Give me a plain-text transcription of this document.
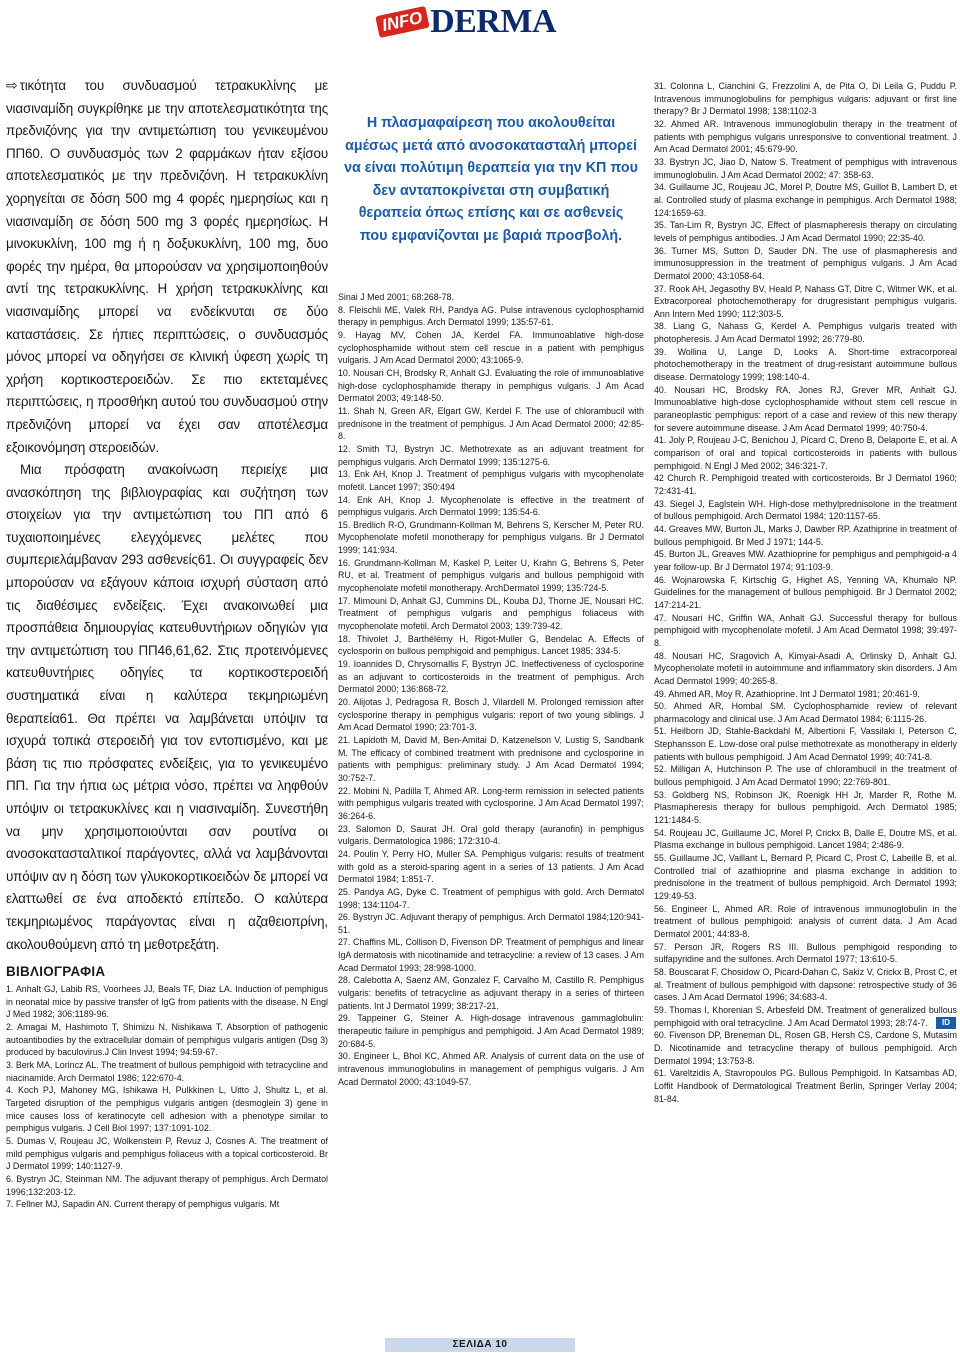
INFO DERMA

⇨ τικότητα του συνδυασμού τετρακυκλίνης με νιασιναμίδη συγκρίθηκε με την αποτελεσματικότητα της πρεδνιζόνης για την αντιμετώπιση του γενικευμένου ΠΠ60. Ο συνδυασμός των 2 φαρμάκων ήταν εξίσου αποτελεσματικός με την πρεδνιζόνη. Η τετρακυκλίνη χορηγείται σε δόση 500 mg 4 φορές ημερησίως και η νιασιναμίδη σε δόση 500 mg 3 φορές ημερησίως. Η μινοκυκλίνη, 100 mg ή η δοξυκυκλίνη, 100 mg, δυο φορές την ημέρα, θα μπορούσαν να χρησιμοποιηθούν αντί της τετρακυκλίνης. Η χρήση τετρακυκλίνης και νιασιναμίδης μπορεί να ενδείκνυται σε δύο καταστάσεις. Σε ήπιες περιπτώσεις, ο συνδυασμός μόνος μπορεί να οδηγήσει σε κλινική ύφεση χωρίς τη χρήση κορτικοστεροειδών. Σε πιο εκτεταμένες περιπτώσεις, η προσθήκη αυτού του συνδυασμού στην πρεδνιζόνη μπορεί να έχει σαν αποτέλεσμα εξοικονόμηση στεροειδών.

Μια πρόσφατη ανακοίνωση περιείχε μια ανασκόπηση της βιβλιογραφίας και συζήτηση των στοιχείων για την αντιμετώπιση του ΠΠ από 6 τυχαιοποιημένες ελεγχόμενες μελέτες που συμπεριελάμβαναν 293 ασθενείς61. Οι συγγραφείς δεν μπορούσαν να εξάγουν κάποια ισχυρή σύσταση από τις διαθέσιμες ενδείξεις. Έχει ανακοινωθεί μια προσπάθεια δημιουργίας κατευθυντήριων οδηγιών για την αντιμετώπιση του ΠΠ46,61,62. Στις προτεινόμενες κατευθυντήριες οδηγίες τα κορτικοστεροειδή συστηματικά είναι η καλύτερα τεκμηριωμένη θεραπεία61. Θα πρέπει να λαμβάνεται υπόψιν τα ισχυρά τοπικά στεροειδή για τον εντοπισμένο, και με βάση τις πιο πρόσφατες ενδείξεις, για το γενικευμένο ΠΠ. Για την ήπια ως μέτρια νόσο, πρέπει να ληφθούν υπόψιν οι τετρακυκλίνες και η νιασιναμίδη. Συνεστήθη να μην χρησιμοποιούνται σαν ρουτίνα οι ανοσοκατασταλτικοί παράγοντες, αλλά να λαμβάνονται υπόψιν αν η δόση των γλυκοκορτικοειδών δε μπορεί να ελαττωθεί σε ένα αποδεκτό επίπεδο. Ο καλύτερα τεκμηριωμένος παράγοντας είναι η αζαθειοπρίνη, ακολουθούμενη από τη μεθοτρεξάτη.

ΒΙΒΛΙΟΓΡΑΦΙΑ
1. Anhalt GJ, Labib RS, Voorhees JJ, Beals TF, Diaz LA. Induction of pemphigus in neonatal mice by passive transfer of IgG from patients with the disease. N Engl J Med 1982; 306:1189-96.
2. Amagai M, Hashimoto T, Shimizu N, Nishikawa T. Absorption of pathogenic autoantibodies by the extracellular domain of pemphigus vulgaris antigen (Dsg 3) produced by baculovirus.J Clin Invest 1994; 94:59-67.
3. Berk MA, Lorincz AL. The treatment of bullous pemphigoid with tetracycline and niacinamide. Arch Dermatol 1986; 122:670-4.
4. Koch PJ, Mahoney MG, Ishikawa H, Pulkkinen L, Uitto J, Shultz L, et al. Targeted disruption of the pemphigus vulgaris antigen (desmoglein 3) gene in mice causes loss of keratinocyte cell adhesion with a phenotype similar to pemphigus vulgaris. J Cell Biol 1997; 137:1091-102.
5. Dumas V, Roujeau JC, Wolkenstein P, Revuz J, Cosnes A. The treatment of mild pemphigus vulgaris and pemphigus foliaceus with a topical corticosteroid. Br J Dermatol 1999; 140:1127-9.
6. Bystryn JC, Steinman NM. The adjuvant therapy of pemphigus. Arch Dermatol 1996;132:203-12.
7. Fellner MJ, Sapadin AN. Current therapy of pemphigus vulgaris. Mt
Η πλασμαφαίρεση που ακολουθείται αμέσως μετά από ανοσοκατασταλή μπορεί να είναι πολύτιμη θεραπεία για την ΚΠ που δεν ανταποκρίνεται στη συμβατική θεραπεία όπως επίσης και σε ασθενείς που εμφανίζονται με βαριά προσβολή.
Sinai J Med 2001; 68:268-78.
8. Fleischli ME, Valek RH, Pandya AG. Pulse intravenous cyclophosphamid therapy in pemphigus. Arch Dermatol 1999; 135:57-61.
9. Hayag MV, Cohen JA, Kerdel FA. Immunoablative high-dose cyclophosphamide without stem cell rescue in a patient with pemphigus vulgaris. J Am Acad Dermatol 2000; 43:1065-9.
10. Nousari CH, Brodsky R, Anhalt GJ. Evaluating the role of immunoablative high-dose cyclophosphamide therapy in pemphigus vulgaris. J Am Acad Dermatol 2003; 49:148-50.
11. Shah N, Green AR, Elgart GW, Kerdel F. The use of chlorambucil with prednisone in the treatment of pemphigus. J Am Acad Dermatol 2000; 42:85-8.
12. Smith TJ, Bystryn JC. Methotrexate as an adjuvant treatment for pemphigus vulgaris. Arch Dermatol 1999; 135:1275-6.
13. Enk AH, Knop J. Treatment of pemphigus vulgaris with mycophenolate mofetil. Lancet 1997; 350:494
14. Enk AH, Knop J. Mycophenolate is effective in the treatment of pemphigus vulgaris. Arch Dermatol 1999; 135:54-6.
15. Bredlich R-O, Grundmann-Kollman M, Behrens S, Kerscher M, Peter RU. Mycophenolate mofetil monotherapy for pemphigus vulgaris. Br J Dermatol 1999; 141:934.
16. Grundmann-Kollman M, Kaskel P, Leiter U, Krahn G, Behrens S, Peter RU, et al. Treatment of pemphigus vulgaris and bullous pemphigoid with mycophenolate mofetil monotherapy. ArchDermatol 1999; 135:724-5.
17. Mimouni D, Anhalt GJ, Cummins DL, Kouba DJ, Thorne JE, Nousari HC. Treatment of pemphigus vulgaris and pemphigus foliaceus with mycophenolate mofetil. Arch Dermatol 2003; 139:739-42.
18. Thivolet J, Barthélémy H, Rigot-Muller G, Bendelac A. Effects of cyclosporin on bullous pemphigoid and pemphigus. Lancet 1985; 334-5.
19. Ioannides D, Chrysomallis F, Bystryn JC. Ineffectiveness of cyclosporine as an adjuvant to corticosteroids in the treatment of pemphigus. Arch Dermatol 2000; 136:868-72.
20. Alijotas J, Pedragosa R, Bosch J, Vilardell M. Prolonged remission after cyclosporine therapy in pemphigus vulgaris: report of two young siblings. J Am Acad Dermatol 1990; 23:701-3.
21. Lapidoth M, David M, Ben-Amitai D, Katzenelson V, Lustig S, Sandbank M. The efficacy of combined treatment with prednisone and cyclosporine in patients with pemphigus: preliminary study. J Am Acad Dermatol 1994; 30:752-7.
22. Mobini N, Padilla T, Ahmed AR. Long-term remission in selected patients with pemphigus vulgaris treated with cyclosporine. J Am Acad Dermatol 1997; 36:264-6.
23. Salomon D, Saurat JH. Oral gold therapy (auranofin) in pemphigus vulgaris. Dermatologica 1986; 172:310-4.
24. Poulin Y, Perry HO, Muller SA. Pemphigus vulgaris: results of treatment with gold as a steroid-sparing agent in a series of 13 patients. J Am Acad Dermatol 1984; 1:851-7.
25. Pandya AG, Dyke C. Treatment of pemphigus with gold. Arch Dermatol 1998; 134:1104-7.
26. Bystryn JC. Adjuvant therapy of pemphigus. Arch Dermatol 1984;120:941-51.
27. Chaffins ML, Collison D, Fivenson DP. Treatment of pemphigus and linear IgA dermatosis with nicotinamide and tetracycline: a review of 13 cases. J Am Acad Dermatol 1993; 28:998-1000.
28. Calebotta A, Saenz AM, Gonzalez F, Carvalho M, Castillo R. Pemphigus vulgaris: benefits of tetracycline as adjuvant therapy in a series of thirteen patients. Int J Dermatol 1999; 38:217-21.
29. Tappeiner G, Steiner A. High-dosage intravenous gammaglobulin: therapeutic failure in pemphigus and pemphigoid. J Am Acad Dermatol 1989; 20:684-5.
30. Engineer L, Bhol KC, Ahmed AR. Analysis of current data on the use of intravenous immunoglobulins in management of pemphigus vulgaris. J Am Acad Dermatol 2000; 43:1049-57.
31. Colonna L, Cianchini G, Frezzolini A, de Pita O, Di Leila G, Puddu P. Intravenous immunoglobulins for pemphigus vulgaris: adjuvant or first line therapy? Br J Dermatol 1998; 138:1102-3
32. Ahmed AR. Intravenous immunoglobulin therapy in the treatment of patients with pemphigus vulgaris unresponsive to conventional treatment. J Am Acad Dermatol 2001; 45:679-90.
33. Bystryn JC, Jiao D, Natow S. Treatment of pemphigus with intravenous immunoglobulin. J Am Acad Dermatol 2002; 47: 358-63.
34. Guillaume JC, Roujeau JC, Morel P, Doutre MS, Guillot B, Lambert D, et al. Controlled study of plasma exchange in pemphigus. Arch Dermatol 1988; 124:1659-63.
35. Tan-Lim R, Bystryn JC. Effect of plasmapheresis therapy on circulating levels of pemphigus antibodies. J Am Acad Dermatol 1990; 22:35-40.
36. Turner MS, Sutton D, Sauder DN. The use of plasmapheresis and immunosuppression in the treatment of pemphigus vulgaris. J Am Acad Dermatol 2000; 43:1058-64.
37. Rook AH, Jegasothy BV, Heald P, Nahass GT, Ditre C, Witmer WK, et al. Extracorporeal photochemotherapy for drugresistant pemphigus vulgaris. Ann Intern Med 1990; 112:303-5.
38. Liang G, Nahass G, Kerdel A. Pemphigus vulgaris treated with photopheresis. J Am Acad Dermatol 1992; 26:779-80.
39. Wollina U, Lange D, Looks A. Short-time extracorporeal photochemotherapy in the treatment of drug-resistant autoimmune bullous disease. Dermatology 1999; 198:140-4.
40. Nousari HC, Brodsky RA, Jones RJ, Grever MR, Anhalt GJ. Immunoablative high-dose cyclophosphamide without stem cell rescue in paraneoplastic pemphigus: report of a case and review of this new therapy for severe autoimmune disease. J Am Acad Dermatol 1999; 40:750-4.
41. Joly P, Roujeau J-C, Benichou J, Picard C, Dreno B, Delaporte E, et al. A comparison of oral and topical corticosteroids in patients with bullous pemphigoid. N Engl J Med 2002; 346:321-7.
42 Church R. Pemphigoid treated with corticosteroids. Br J Dermatol 1960; 72:431-41.
43. Siegel J, Eaglstein WH. High-dose methylprednisolone in the treatment of bullous pemphigoid. Arch Dermatol 1984; 120:1157-65.
44. Greaves MW, Burton JL, Marks J, Dawber RP. Azathiprine in treatment of bullous pemphigoid. Br Med J 1971; 144-5.
45. Burton JL, Greaves MW. Azathioprine for pemphigus and pemphigoid-a 4 year follow-up. Br J Dermatol 1974; 91:103-9.
46. Wojnarowska F, Kirtschig G, Highet AS, Yenning VA, Khumalo NP. Guidelines for the management of bullous pemphigoid. Br J Dermatol 2002; 147:214-21.
47. Nousari HC, Griffin WA, Anhalt GJ. Successful therapy for bullous pemphigoid with mycophenolate mofetil. J Am Acad Dermatol 1998; 39:497-8.
48. Nousari HC, Sragovich A, Kimyai-Asadi A, Orlinsky D, Anhalt GJ. Mycophenolate mofetil in autoimmune and inflammatory skin disorders. J Am Acad Dermatol 1999; 40:265-8.
49. Ahmed AR, Moy R. Azathioprine. Int J Dermatol 1981; 20:461-9.
50. Ahmed AR, Hombal SM. Cyclophosphamide review of relevant pharmacology and clinical use. J Am Acad Dermatol 1984; 6:1115-26.
51. Heilborn JD, Stahle-Backdahl M, Albertioni F, Vassilaki I, Peterson C, Stephansson E. Low-dose oral pulse methotrexate as monotherapy in elderly patients with bullous pemphigoid. J Am Acad Dermatol 1999; 40:741-8.
52. Milligan A, Hutchinson P. The use of chlorambucil in the treatment of bullous pemphigoid. J Am Acad Dermatol 1990; 22:769-801.
53. Goldberg NS, Robinson JK, Roenigk HH Jr, Marder R, Rothe M. Plasmapheresis therapy for bullous pemphigoid. Arch Dermatol 1985; 121:1484-5.
54. Roujeau JC, Guillaume JC, Morel P, Crickx B, Dalle E, Doutre MS, et al. Plasma exchange in bullous pemphigoid. Lancet 1984; 2:486-9.
55. Guillaume JC, Vaillant L, Bernard P, Picard C, Prost C, Labeille B, et al. Controlled trial of azathioprine and plasma exchange in addition to prednisolone in the treatment of bullous pemphigoid. Arch Dermatol 1993; 129:49-53.
56. Engineer L, Ahmed AR. Role of intravenous immunoglobulin in the treatment of bullous pemphigoid: analysis of current data. J Am Acad Dermatol 2001; 44:83-8.
57. Person JR, Rogers RS III. Bullous pemphigoid responding to sulfapyridine and the sulfones. Arch Dermatol 1977; 13:610-5.
58. Bouscarat F, Chosidow O, Picard-Dahan C, Sakiz V, Crickx B, Prost C, et al. Treatment of bullous pemphigoid with dapsone: retrospective study of 36 cases. J Am Acad Dermatol 1996; 34:683-4.
59. Thomas I, Khorenian S, Arbesfeld DM. Treatment of generalized bullous pemphigoid with oral tetracycline. J Am Acad Dermatol 1993; 28:74-7.
60. Fivenson DP, Breneman DL, Rosen GB, Hersh CS, Cardone S, Mutasim D. Nicotinamide and tetracycline therapy of bullous pemphigoid. Arch Dermatol 1994; 13:753-8.
61. Vareltzidis A, Stavropoulos PG. Bullous Pemphigoid. In Katsambas AD, Loffit Handbook of Dermatological Treatment Berlin, Springer Verlay 2004; 81-84.
ID
ΣΕΛΙΔΑ 10
